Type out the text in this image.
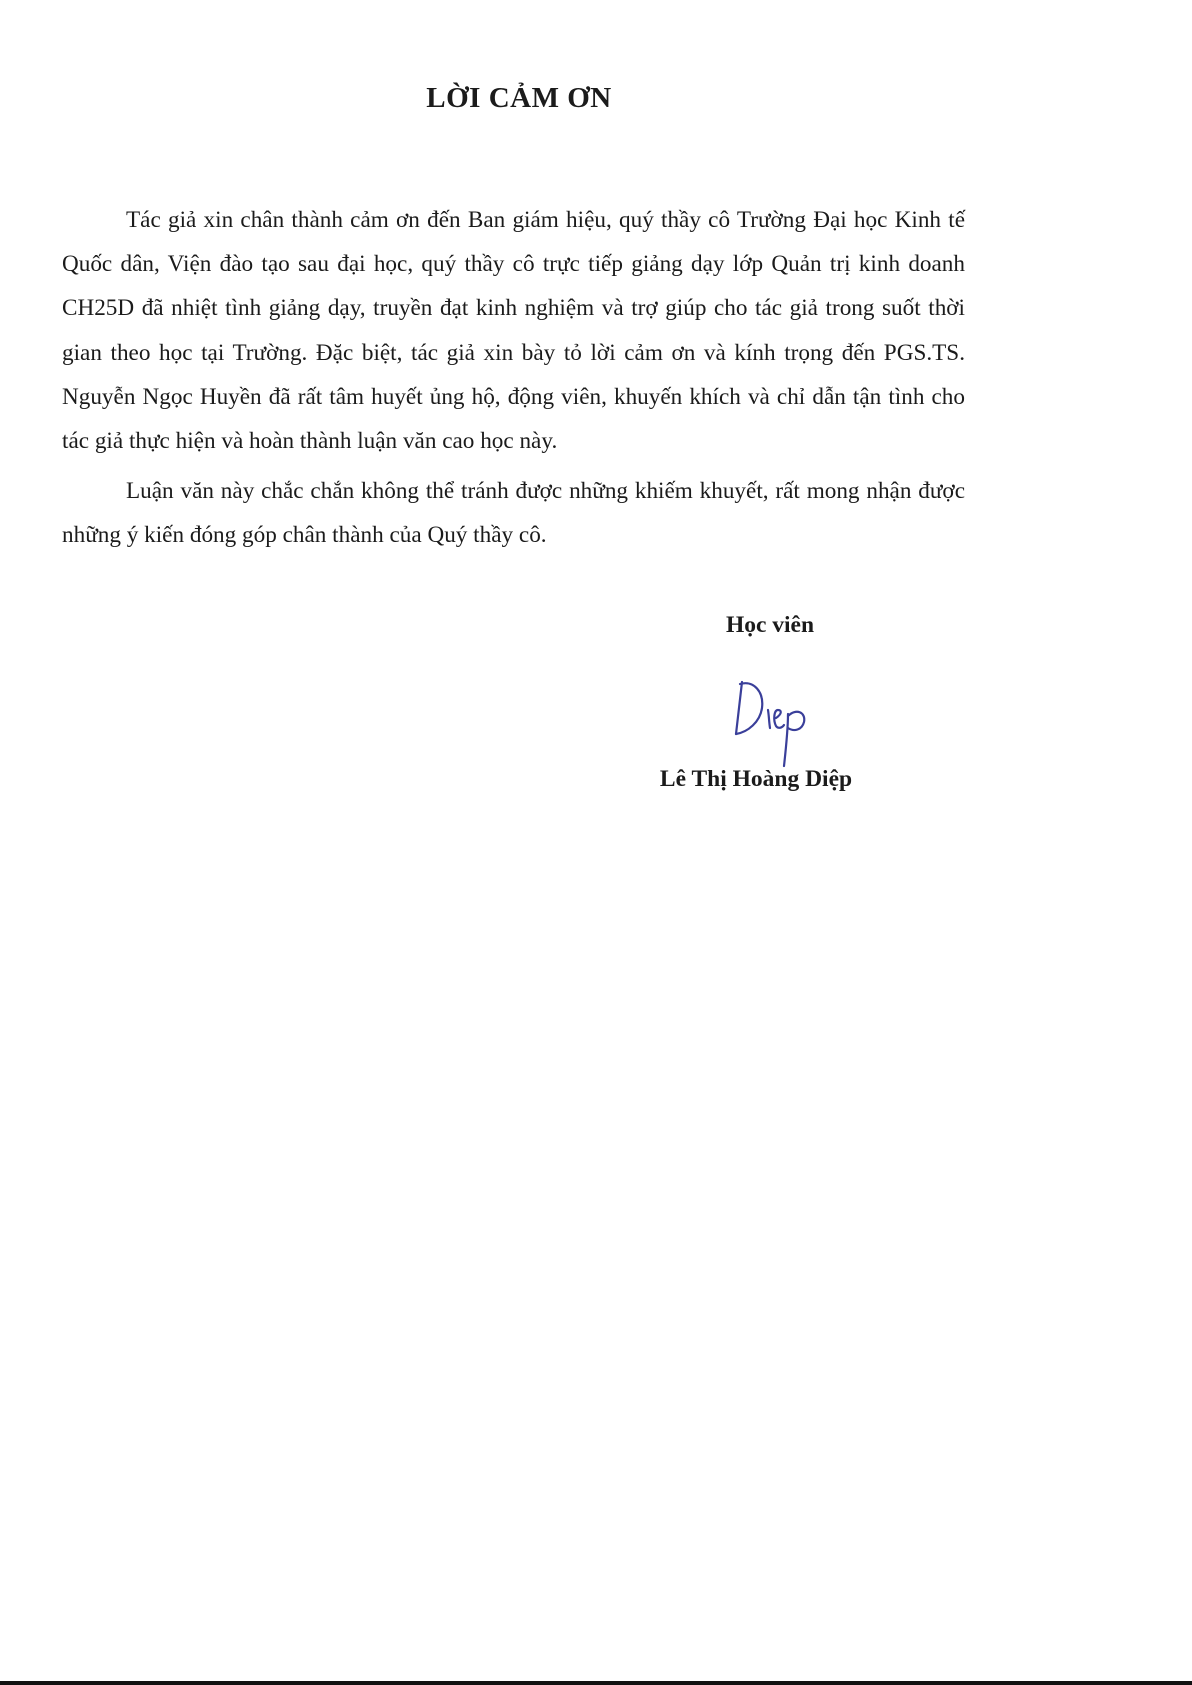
LỜI CẢM ƠN

Tác giả xin chân thành cảm ơn đến Ban giám hiệu, quý thầy cô Trường Đại học Kinh tế Quốc dân, Viện đào tạo sau đại học, quý thầy cô trực tiếp giảng dạy lớp Quản trị kinh doanh CH25D đã nhiệt tình giảng dạy, truyền đạt kinh nghiệm và trợ giúp cho tác giả trong suốt thời gian theo học tại Trường. Đặc biệt, tác giả xin bày tỏ lời cảm ơn và kính trọng đến PGS.TS. Nguyễn Ngọc Huyền đã rất tâm huyết ủng hộ, động viên, khuyến khích và chỉ dẫn tận tình cho tác giả thực hiện và hoàn thành luận văn cao học này.

Luận văn này chắc chắn không thể tránh được những khiếm khuyết, rất mong nhận được những ý kiến đóng góp chân thành của Quý thầy cô.

Học viên
Lê Thị Hoàng Diệp
